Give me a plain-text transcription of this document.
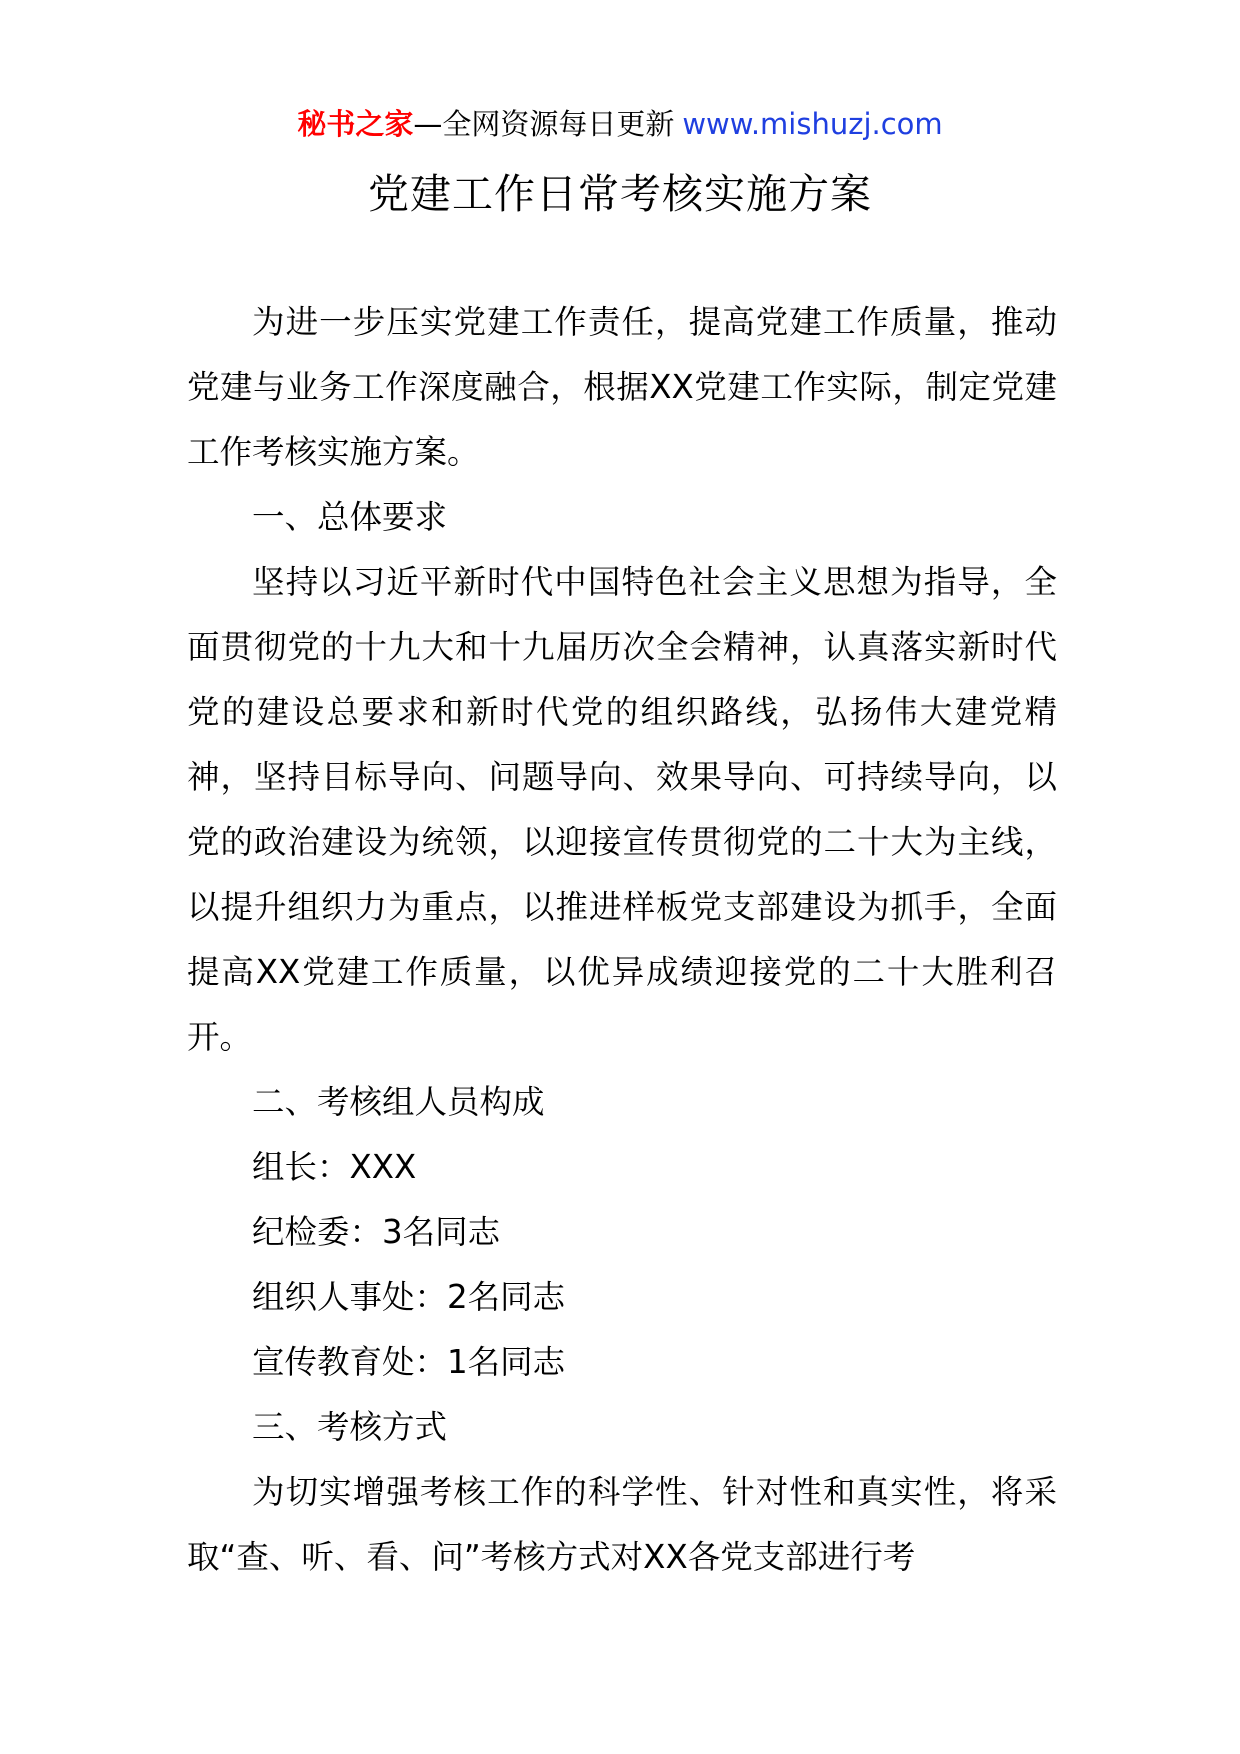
秘书之家—全网资源每日更新 www.mishuzj.com
党建工作日常考核实施方案

为进一步压实党建工作责任，提高党建工作质量，推动党建与业务工作深度融合，根据XX党建工作实际，制定党建工作考核实施方案。

一、总体要求

坚持以习近平新时代中国特色社会主义思想为指导，全面贯彻党的十九大和十九届历次全会精神，认真落实新时代党的建设总要求和新时代党的组织路线，弘扬伟大建党精神，坚持目标导向、问题导向、效果导向、可持续导向，以党的政治建设为统领，以迎接宣传贯彻党的二十大为主线，以提升组织力为重点，以推进样板党支部建设为抓手，全面提高XX党建工作质量，以优异成绩迎接党的二十大胜利召开。

二、考核组人员构成

组长：XXX

纪检委：3名同志

组织人事处：2名同志

宣传教育处：1名同志

三、考核方式

为切实增强考核工作的科学性、针对性和真实性，将采取“查、听、看、问”考核方式对XX各党支部进行考
